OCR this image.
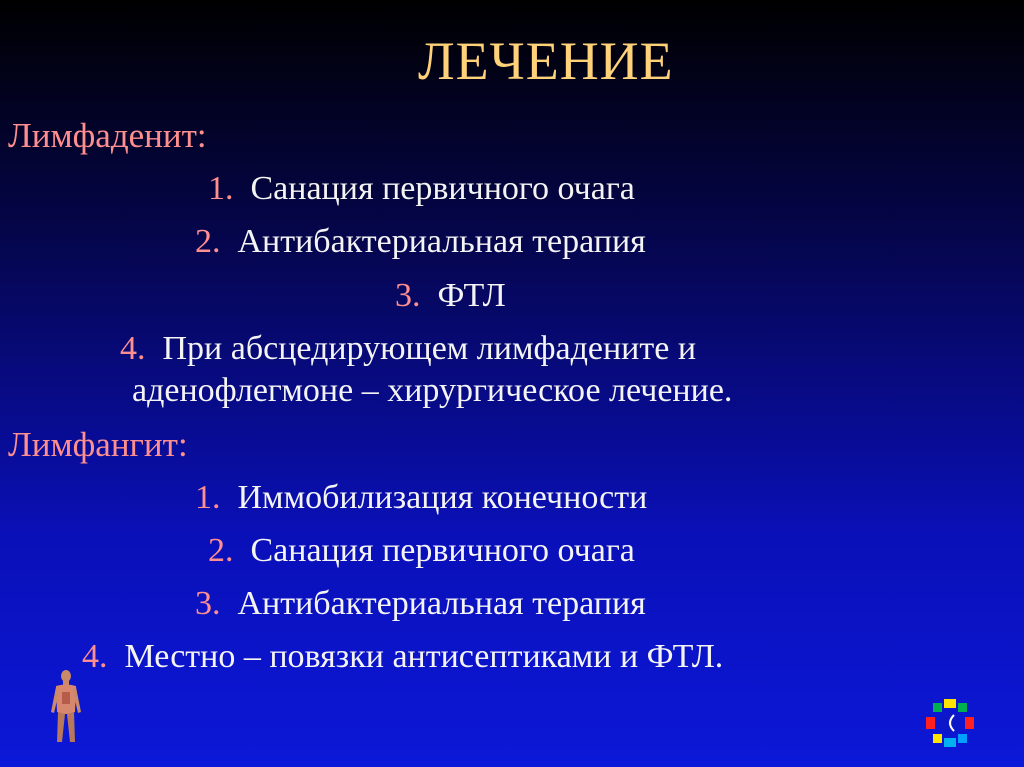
ЛЕЧЕНИЕ
Лимфаденит:
1. Санация первичного очага
2. Антибактериальная терапия
3. ФТЛ
4. При абсцедирующем лимфадените и
аденофлегмоне – хирургическое лечение.
Лимфангит:
1. Иммобилизация конечности
2. Санация первичного очага
3. Антибактериальная терапия
4. Местно – повязки антисептиками и ФТЛ.
